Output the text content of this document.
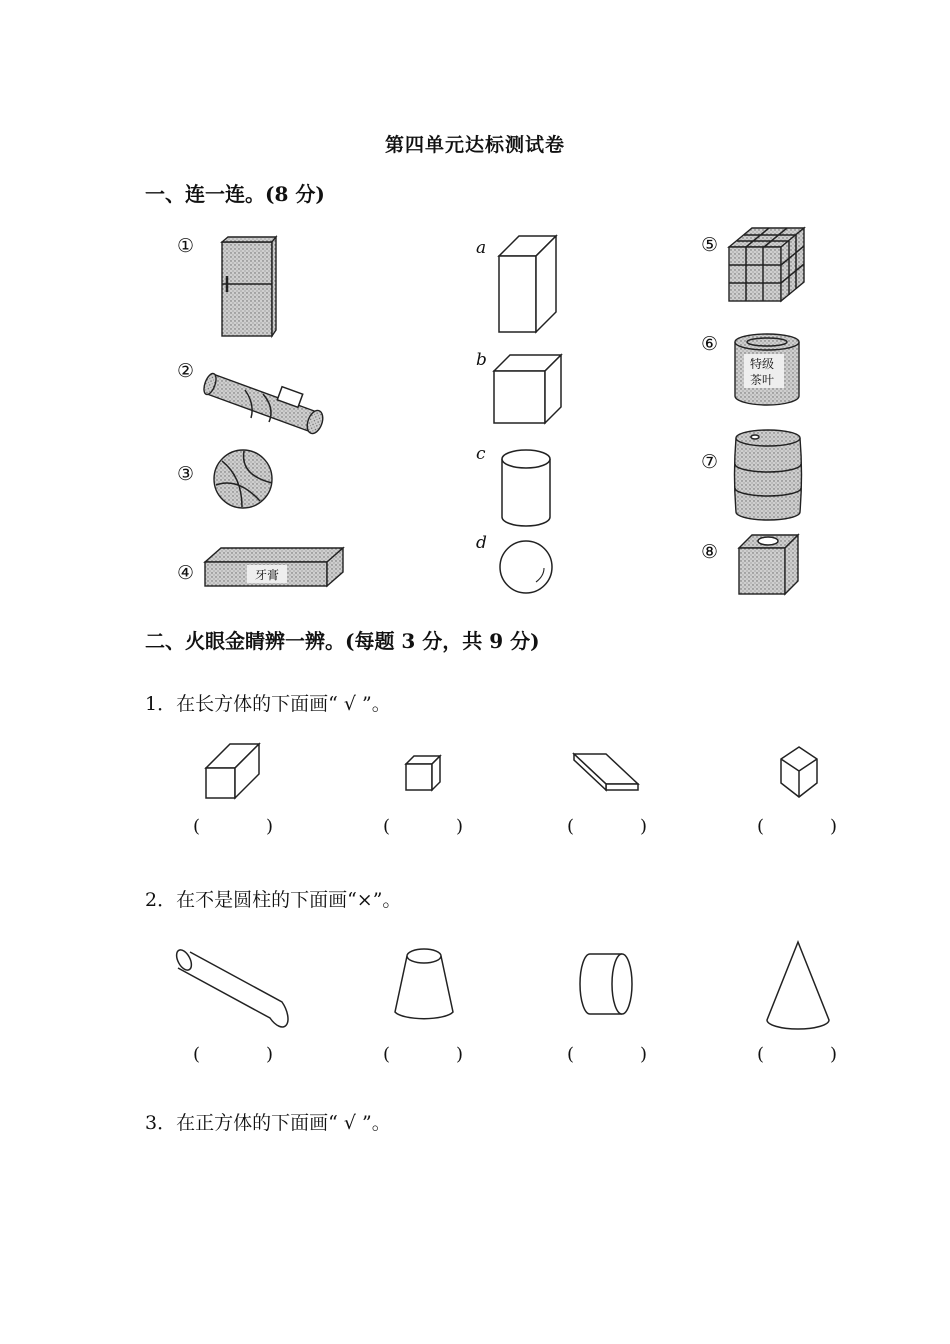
第四单元达标测试卷
一、连一连。(8 分)
①
②
③
④
⑤
⑥
⑦
⑧
a
b
c
d
牙膏
特级
茶叶
二、火眼金睛辨一辨。(每题 3 分，共 9 分)
1．在长方体的下面画“ √ ”。
(	)	(	)	(	)	(	)
2．在不是圆柱的下面画“×”。
(	)	(	)	(	)	(	)
3．在正方体的下面画“ √ ”。
